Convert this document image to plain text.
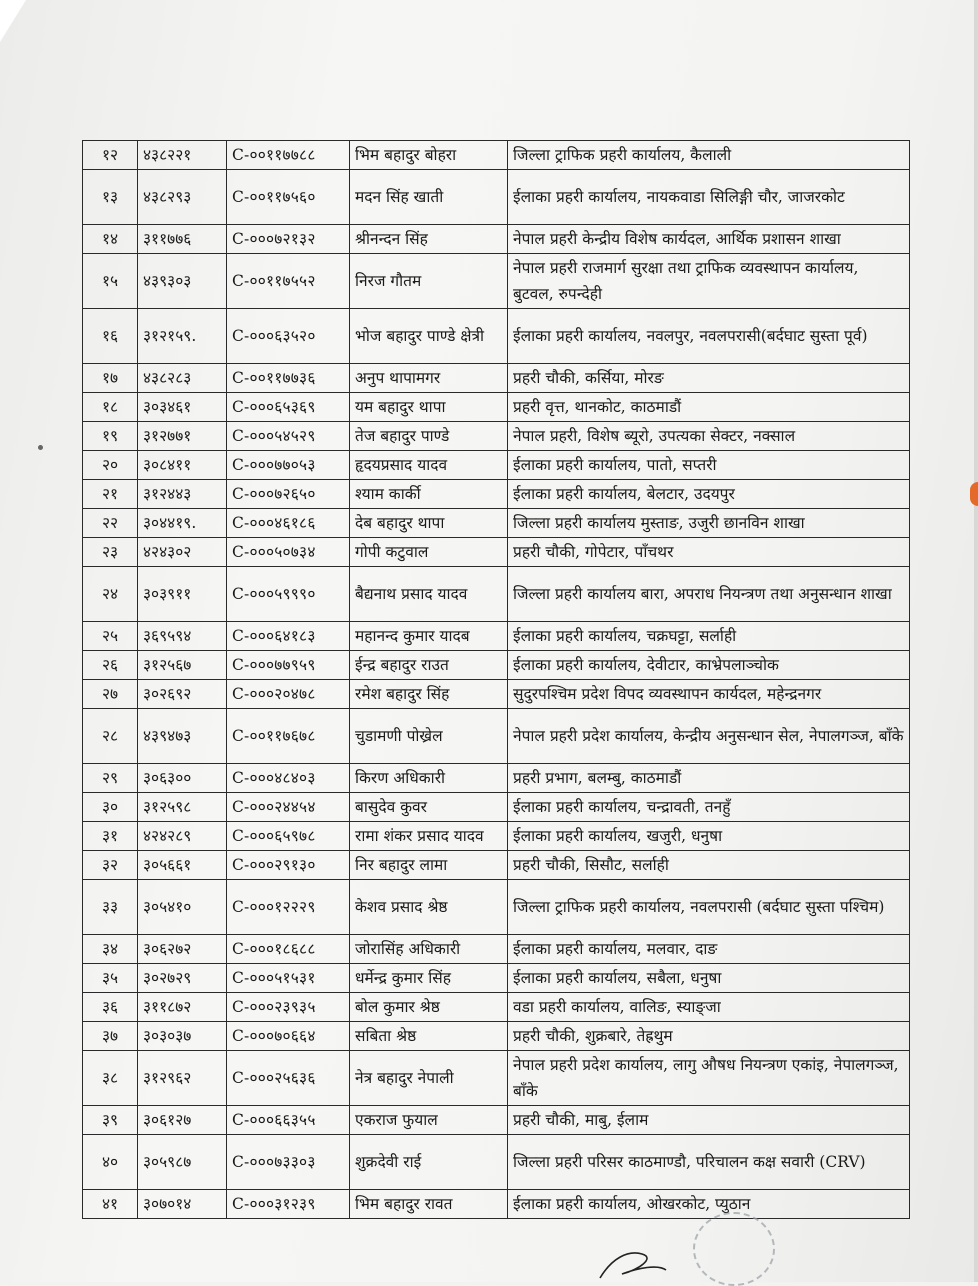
१२	४३८२२१	C-००११७७८८	भिम बहादुर बोहरा	जिल्ला ट्राफिक प्रहरी कार्यालय, कैलाली
१३	४३८२९३	C-००११७५६०	मदन सिंह खाती	ईलाका प्रहरी कार्यालय, नायकवाडा सिलिङ्गी चौर, जाजरकोट
१४	३११७७६	C-०००७२१३२	श्रीनन्दन सिंह	नेपाल प्रहरी केन्द्रीय विशेष कार्यदल, आर्थिक प्रशासन शाखा
१५	४३९३०३	C-००११७५५२	निरज गौतम	नेपाल प्रहरी राजमार्ग सुरक्षा तथा ट्राफिक व्यवस्थापन कार्यालय, बुटवल, रुपन्देही
१६	३१२१५९.	C-०००६३५२०	भोज बहादुर पाण्डे क्षेत्री	ईलाका प्रहरी कार्यालय, नवलपुर, नवलपरासी(बर्दघाट सुस्ता पूर्व)
१७	४३८२८३	C-००११७७३६	अनुप थापामगर	प्रहरी चौकी, कर्सिया, मोरङ
१८	३०३४६१	C-०००६५३६९	यम बहादुर थापा	प्रहरी वृत्त, थानकोट, काठमाडौं
१९	३१२७७१	C-०००५४५२९	तेज बहादुर पाण्डे	नेपाल प्रहरी, विशेष ब्यूरो, उपत्यका सेक्टर, नक्साल
२०	३०८४११	C-०००७७०५३	हृदयप्रसाद यादव	ईलाका प्रहरी कार्यालय, पातो, सप्तरी
२१	३१२४४३	C-०००७२६५०	श्याम कार्की	ईलाका प्रहरी कार्यालय, बेलटार, उदयपुर
२२	३०४४१९.	C-०००४६१८६	देब बहादुर थापा	जिल्ला प्रहरी कार्यालय मुस्ताङ, उजुरी छानविन शाखा
२३	४२४३०२	C-०००५०७३४	गोपी कटुवाल	प्रहरी चौकी, गोपेटार, पाँचथर
२४	३०३९११	C-०००५९९९०	बैद्यनाथ प्रसाद यादव	जिल्ला प्रहरी कार्यालय बारा, अपराध नियन्त्रण तथा अनुसन्धान शाखा
२५	३६९५९४	C-०००६४१८३	महानन्द कुमार यादब	ईलाका प्रहरी कार्यालय, चक्रघट्टा, सर्लाही
२६	३१२५६७	C-०००७७९५९	ईन्द्र बहादुर राउत	ईलाका प्रहरी कार्यालय, देवीटार, काभ्रेपलाञ्चोक
२७	३०२६९२	C-०००२०४७८	रमेश बहादुर सिंह	सुदुरपश्चिम प्रदेश विपद व्यवस्थापन कार्यदल, महेन्द्रनगर
२८	४३९४७३	C-००११७६७८	चुडामणी पोख्रेल	नेपाल प्रहरी प्रदेश कार्यालय, केन्द्रीय अनुसन्धान सेल, नेपालगञ्ज, बाँके
२९	३०६३००	C-०००४८४०३	किरण अधिकारी	प्रहरी प्रभाग, बलम्बु, काठमाडौं
३०	३१२५९८	C-०००२४४५४	बासुदेव कुवर	ईलाका प्रहरी कार्यालय, चन्द्रावती, तनहुँ
३१	४२४२८९	C-०००६५९७८	रामा शंकर प्रसाद यादव	ईलाका प्रहरी कार्यालय, खजुरी, धनुषा
३२	३०५६६१	C-०००२९१३०	निर बहादुर लामा	प्रहरी चौकी, सिसौट, सर्लाही
३३	३०५४१०	C-०००१२२२९	केशव प्रसाद श्रेष्ठ	जिल्ला ट्राफिक प्रहरी कार्यालय, नवलपरासी (बर्दघाट सुस्ता पश्चिम)
३४	३०६२७२	C-०००१८६८८	जोरासिंह अधिकारी	ईलाका प्रहरी कार्यालय, मलवार, दाङ
३५	३०२७२९	C-०००५१५३१	धर्मेन्द्र कुमार सिंह	ईलाका प्रहरी कार्यालय, सबैला, धनुषा
३६	३११८७२	C-०००२३९३५	बोल कुमार श्रेष्ठ	वडा प्रहरी कार्यालय, वालिङ, स्याङ्जा
३७	३०३०३७	C-०००७०६६४	सबिता श्रेष्ठ	प्रहरी चौकी, शुक्रबारे, तेह्रथुम
३८	३१२९६२	C-०००२५६३६	नेत्र बहादुर नेपाली	नेपाल प्रहरी प्रदेश कार्यालय, लागु औषध नियन्त्रण एकांइ, नेपालगञ्ज, बाँके
३९	३०६१२७	C-०००६६३५५	एकराज फुयाल	प्रहरी चौकी, माबु, ईलाम
४०	३०५९८७	C-०००७३३०३	शुक्रदेवी राई	जिल्ला प्रहरी परिसर काठमाण्डौ, परिचालन कक्ष सवारी (CRV)
४१	३०७०१४	C-०००३१२३९	भिम बहादुर रावत	ईलाका प्रहरी कार्यालय, ओखरकोट, प्युठान
